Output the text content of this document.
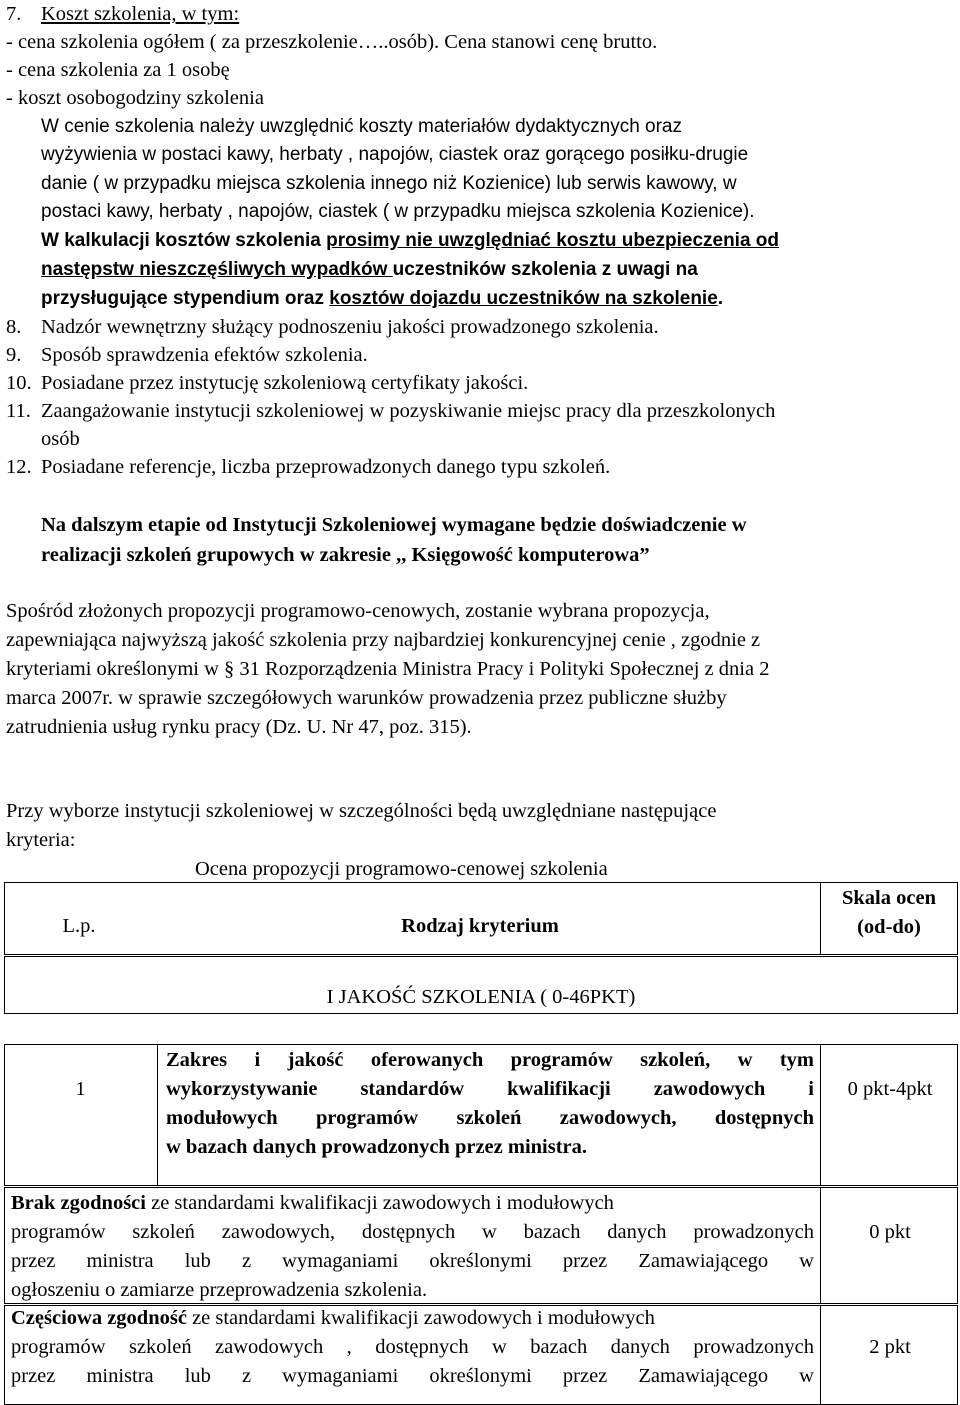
7. Koszt szkolenia, w tym:
- cena szkolenia ogółem ( za przeszkolenie…..osób). Cena stanowi cenę brutto.
- cena szkolenia za 1 osobę
- koszt osobogodziny szkolenia
W cenie szkolenia należy uwzględnić koszty materiałów dydaktycznych oraz
wyżywienia w postaci kawy, herbaty , napojów, ciastek oraz gorącego posiłku-drugie
danie ( w przypadku miejsca szkolenia innego niż Kozienice) lub serwis kawowy, w
postaci kawy, herbaty , napojów, ciastek ( w przypadku miejsca szkolenia Kozienice).
W kalkulacji kosztów szkolenia prosimy nie uwzględniać kosztu ubezpieczenia od
następstw nieszczęśliwych wypadków uczestników szkolenia z uwagi na
przysługujące stypendium oraz kosztów dojazdu uczestników na szkolenie.
8. Nadzór wewnętrzny służący podnoszeniu jakości prowadzonego szkolenia.
9. Sposób sprawdzenia efektów szkolenia.
10. Posiadane przez instytucję szkoleniową certyfikaty jakości.
11. Zaangażowanie instytucji szkoleniowej w pozyskiwanie miejsc pracy dla przeszkolonych
osób
12. Posiadane referencje, liczba przeprowadzonych danego typu szkoleń.
Na dalszym etapie od Instytucji Szkoleniowej wymagane będzie doświadczenie w
realizacji szkoleń grupowych w zakresie ,, Księgowość komputerowa”
Spośród złożonych propozycji programowo-cenowych, zostanie wybrana propozycja,
zapewniająca najwyższą jakość szkolenia przy najbardziej konkurencyjnej cenie , zgodnie z
kryteriami określonymi w § 31 Rozporządzenia Ministra Pracy i Polityki Społecznej z dnia 2
marca 2007r. w sprawie szczegółowych warunków prowadzenia przez publiczne służby
zatrudnienia usług rynku pracy (Dz. U. Nr 47, poz. 315).
Przy wyborze instytucji szkoleniowej w szczególności będą uwzględniane następujące
kryteria:
Ocena propozycji programowo-cenowej szkolenia
L.p.	Rodzaj kryterium
Skala ocen
(od-do)
I JAKOŚĆ SZKOLENIA ( 0-46PKT)
1
Zakres i jakość oferowanych programów szkoleń, w tym
wykorzystywanie standardów kwalifikacji zawodowych i
modułowych programów szkoleń zawodowych, dostępnych
w bazach danych prowadzonych przez ministra.
0 pkt-4pkt
Brak zgodności ze standardami kwalifikacji zawodowych i modułowych
programów szkoleń zawodowych, dostępnych w bazach danych prowadzonych
przez ministra lub z wymaganiami określonymi przez Zamawiającego w
ogłoszeniu o zamiarze przeprowadzenia szkolenia.
0 pkt
Częściowa zgodność ze standardami kwalifikacji zawodowych i modułowych
programów szkoleń zawodowych , dostępnych w bazach danych prowadzonych
przez ministra lub z wymaganiami określonymi przez Zamawiającego w
2 pkt
